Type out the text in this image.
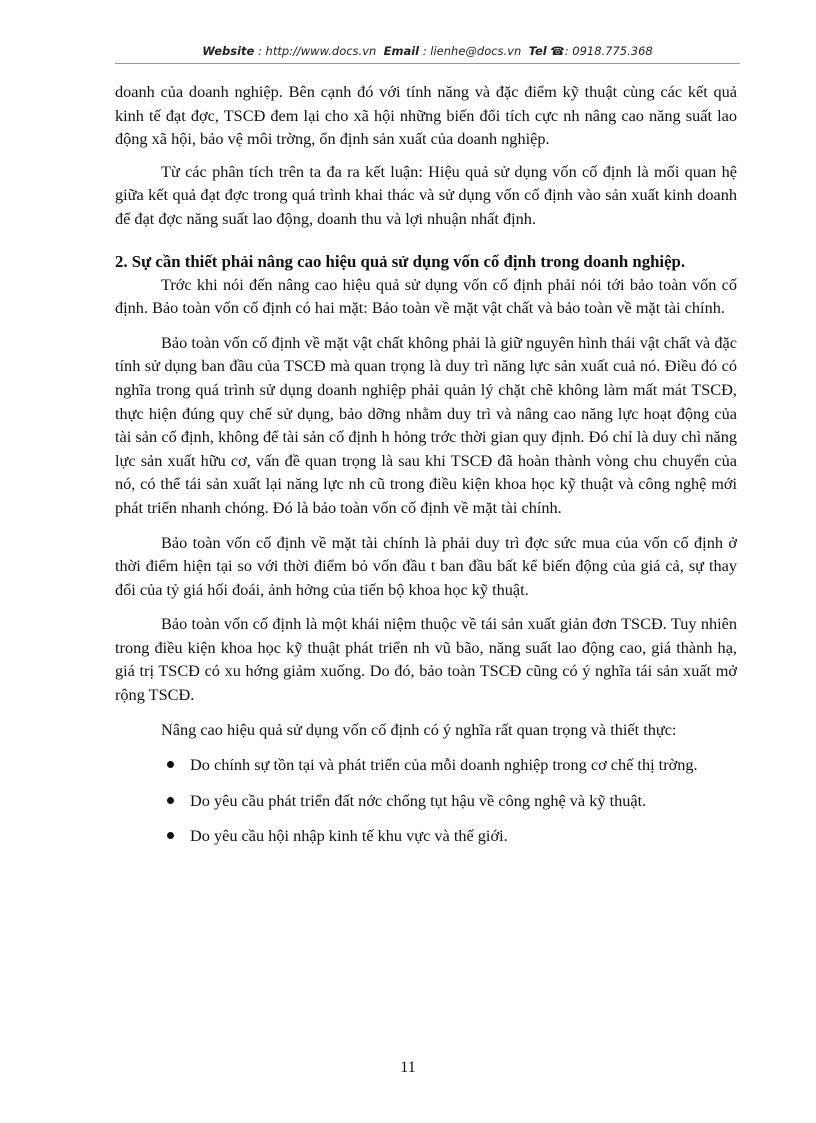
Website : http://www.docs.vn Email : lienhe@docs.vn Tel ☎: 0918.775.368

doanh của doanh nghiệp. Bên cạnh đó với tính năng và đặc điểm kỹ thuật cùng các kết quả kinh tế đạt đợc, TSCĐ đem lại cho xã hội những biến đổi tích cực nh nâng cao năng suất lao động xã hội, bảo vệ môi trờng, ổn định sản xuất của doanh nghiệp.

Từ các phân tích trên ta đa ra kết luận: Hiệu quả sử dụng vốn cố định là mối quan hệ giữa kết quả đạt đợc trong quá trình khai thác và sử dụng vốn cố định vào sản xuất kinh doanh để đạt đợc năng suất lao động, doanh thu và lợi nhuận nhất định.

2. Sự cần thiết phải nâng cao hiệu quả sử dụng vốn cố định trong doanh nghiệp.

Trớc khi nói đến nâng cao hiệu quả sử dụng vốn cố định phải nói tới bảo toàn vốn cố định. Bảo toàn vốn cố định có hai mặt: Bảo toàn về mặt vật chất và bảo toàn về mặt tài chính.

Bảo toàn vốn cố định về mặt vật chất không phải là giữ nguyên hình thái vật chất và đặc tính sử dụng ban đầu của TSCĐ mà quan trọng là duy trì năng lực sản xuất cuả nó. Điều đó có nghĩa trong quá trình sử dụng doanh nghiệp phải quản lý chặt chẽ không làm mất mát TSCĐ, thực hiện đúng quy chế sử dụng, bảo dỡng nhằm duy trì và nâng cao năng lực hoạt động của tài sản cố định, không để tài sản cố định h hỏng trớc thời gian quy định. Đó chỉ là duy chì năng lực sản xuất hữu cơ, vấn đề quan trọng là sau khi TSCĐ đã hoàn thành vòng chu chuyển của nó, có thể tái sản xuất lại năng lực nh cũ trong điều kiện khoa học kỹ thuật và công nghệ mới phát triển nhanh chóng. Đó là bảo toàn vốn cố định về mặt tài chính.

Bảo toàn vốn cố định về mặt tài chính là phải duy trì đợc sức mua của vốn cố định ở thời điểm hiện tại so với thời điểm bỏ vốn đầu t ban đầu bất kể biến động của giá cả, sự thay đổi của tỷ giá hối đoái, ảnh hởng của tiến bộ khoa học kỹ thuật.

Bảo toàn vốn cố định là một khái niệm thuộc về tái sản xuất giản đơn TSCĐ. Tuy nhiên trong điều kiện khoa học kỹ thuật phát triển nh vũ bão, năng suất lao động cao, giá thành hạ, giá trị TSCĐ có xu hớng giảm xuống. Do đó, bảo toàn TSCĐ cũng có ý nghĩa tái sản xuất mở rộng TSCĐ.

Nâng cao hiệu quả sử dụng vốn cố định có ý nghĩa rất quan trọng và thiết thực:

Do chính sự tồn tại và phát triển của mỗi doanh nghiệp trong cơ chế thị trờng.
Do yêu cầu phát triển đất nớc chống tụt hậu về công nghệ và kỹ thuật.
Do yêu cầu hội nhập kinh tế khu vực và thế giới.
11
